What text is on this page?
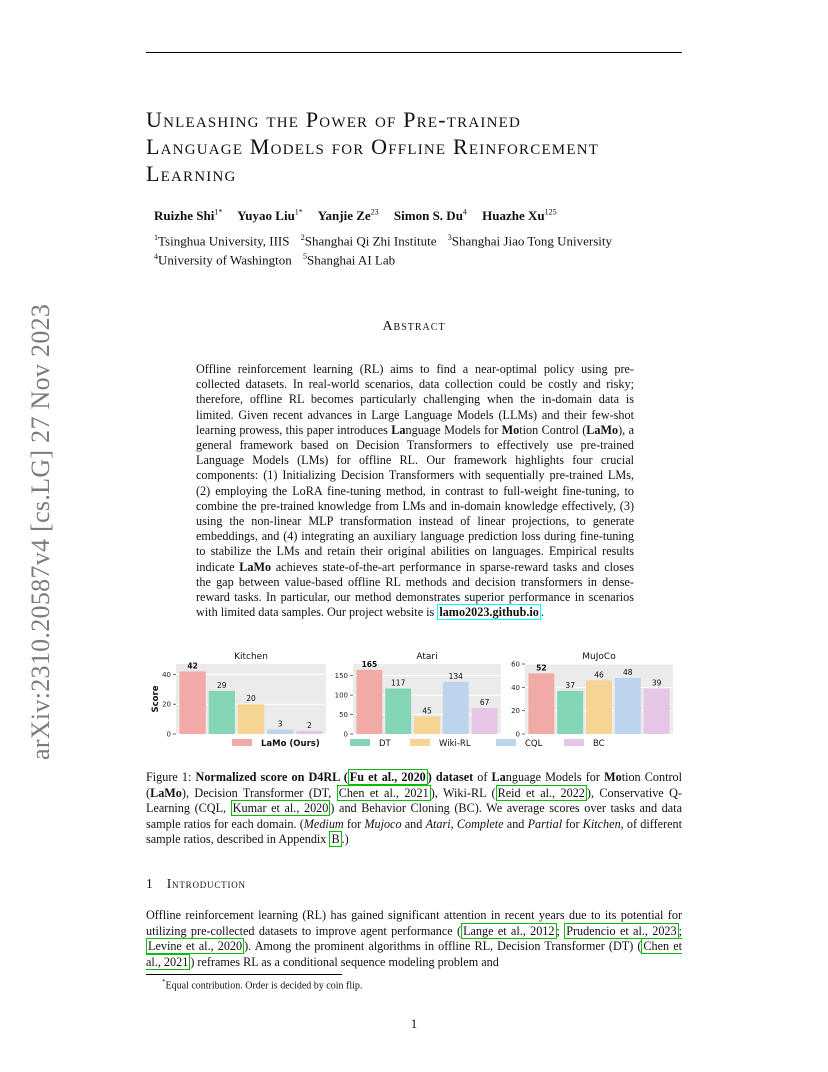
arXiv:2310.20587v4 [cs.LG] 27 Nov 2023
Unleashing the Power of Pre-trained
Language Models for Offline Reinforcement
Learning
Ruizhe Shi$^{1*}$ Yuyao Liu$^{1*}$ Yanjie Ze$^{23}$ Simon S. Du$^4$ Huazhe Xu$^{125}$
$^1$Tsinghua University, IIIS $^2$Shanghai Qi Zhi Institute $^3$Shanghai Jiao Tong University
$^4$University of Washington $^5$Shanghai AI Lab
Abstract
Offline reinforcement learning (RL) aims to find a near-optimal policy using pre-collected datasets. In real-world scenarios, data collection could be costly and risky; therefore, offline RL becomes particularly challenging when the in-domain data is limited. Given recent advances in Large Language Models (LLMs) and their few-shot learning prowess, this paper introduces Language Models for Motion Control (LaMo), a general framework based on Decision Transformers to effectively use pre-trained Language Models (LMs) for offline RL. Our framework highlights four crucial components: (1) Initializing Decision Transformers with sequentially pre-trained LMs, (2) employing the LoRA fine-tuning method, in contrast to full-weight fine-tuning, to combine the pre-trained knowledge from LMs and in-domain knowledge effectively, (3) using the non-linear MLP transformation instead of linear projections, to generate embeddings, and (4) integrating an auxiliary language prediction loss during fine-tuning to stabilize the LMs and retain their original abilities on languages. Empirical results indicate LaMo achieves state-of-the-art performance in sparse-reward tasks and closes the gap between value-based offline RL methods and decision transformers in dense-reward tasks. In particular, our method demonstrates superior performance in scenarios with limited data samples. Our project website is lamo2023.github.io .
0
20
40
Kitchen
42
29
20
3	2
0
50
100
150
Atari
165
117
45
134
67
0
20
40
60
MuJoCo
52
37
46	48
39
Score
LaMo (Ours)	DT	Wiki-RL	CQL	BC
Figure 1: Normalized score on D4RL ( Fu et al., 2020 ) dataset of Language Models for Motion Control (LaMo), Decision Transformer (DT, Chen et al., 2021 ), Wiki-RL ( Reid et al., 2022 ), Conservative Q-Learning (CQL, Kumar et al., 2020 ) and Behavior Cloning (BC). We average scores over tasks and data sample ratios for each domain. (Medium for Mujoco and Atari, Complete and Partial for Kitchen, of different sample ratios, described in Appendix B .)
1 Introduction
Offline reinforcement learning (RL) has gained significant attention in recent years due to its potential for utilizing pre-collected datasets to improve agent performance ( Lange et al., 2012 ; Prudencio et al., 2023 ; Levine et al., 2020 ). Among the prominent algorithms in offline RL, Decision Transformer (DT) ( Chen et al., 2021 ) reframes RL as a conditional sequence modeling problem and
*Equal contribution. Order is decided by coin flip.
1
